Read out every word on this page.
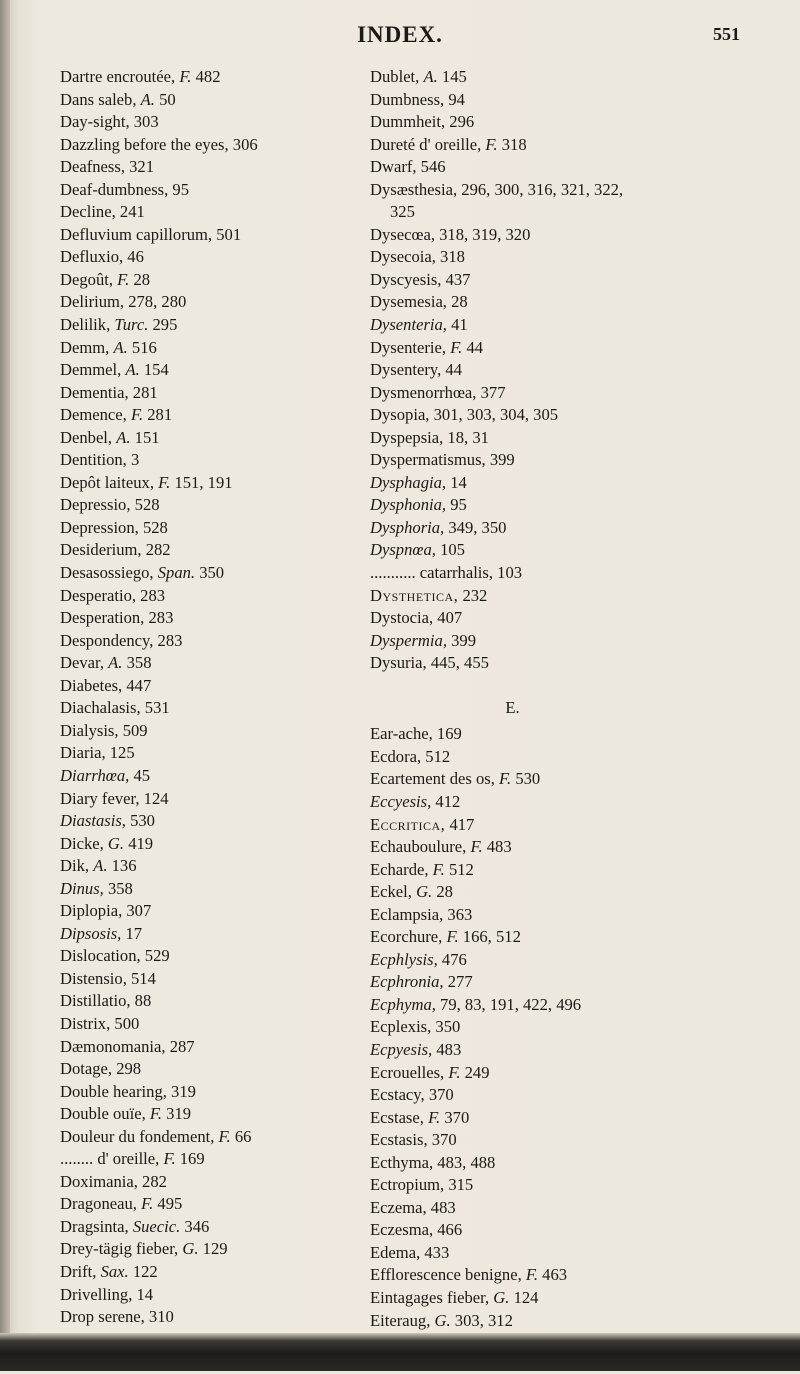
INDEX.	551
Dartre encroutée, F. 482
Dans saleb, A. 50
Day-sight, 303
Dazzling before the eyes, 306
Deafness, 321
Deaf-dumbness, 95
Decline, 241
Defluvium capillorum, 501
Defluxio, 46
Degoût, F. 28
Delirium, 278, 280
Delilik, Turc. 295
Demm, A. 516
Demmel, A. 154
Dementia, 281
Demence, F. 281
Denbel, A. 151
Dentition, 3
Depôt laiteux, F. 151, 191
Depressio, 528
Depression, 528
Desiderium, 282
Desasossiego, Span. 350
Desperatio, 283
Desperation, 283
Despondency, 283
Devar, A. 358
Diabetes, 447
Diachalasis, 531
Dialysis, 509
Diaria, 125
Diarrhœa, 45
Diary fever, 124
Diastasis, 530
Dicke, G. 419
Dik, A. 136
Dinus, 358
Diplopia, 307
Dipsosis, 17
Dislocation, 529
Distensio, 514
Distillatio, 88
Distrix, 500
Dæmonomania, 287
Dotage, 298
Double hearing, 319
Double ouïe, F. 319
Douleur du fondement, F. 66
........ d' oreille, F. 169
Doximania, 282
Dragoneau, F. 495
Dragsinta, Suecic. 346
Drey-tägig fieber, G. 129
Drift, Sax. 122
Drivelling, 14
Drop serene, 310
Dublet, A. 145
Dumbness, 94
Dummheit, 296
Dureté d' oreille, F. 318
Dwarf, 546
Dysæsthesia, 296, 300, 316, 321, 322,
325
Dysecœa, 318, 319, 320
Dysecoia, 318
Dyscyesis, 437
Dysemesia, 28
Dysenteria, 41
Dysenterie, F. 44
Dysentery, 44
Dysmenorrhœa, 377
Dysopia, 301, 303, 304, 305
Dyspepsia, 18, 31
Dyspermatismus, 399
Dysphagia, 14
Dysphonia, 95
Dysphoria, 349, 350
Dyspnœa, 105
........... catarrhalis, 103
Dysthetica, 232
Dystocia, 407
Dyspermia, 399
Dysuria, 445, 455
E.
Ear-ache, 169
Ecdora, 512
Ecartement des os, F. 530
Eccyesis, 412
Eccritica, 417
Echauboulure, F. 483
Echarde, F. 512
Eckel, G. 28
Eclampsia, 363
Ecorchure, F. 166, 512
Ecphlysis, 476
Ecphronia, 277
Ecphyma, 79, 83, 191, 422, 496
Ecplexis, 350
Ecpyesis, 483
Ecrouelles, F. 249
Ecstacy, 370
Ecstase, F. 370
Ecstasis, 370
Ecthyma, 483, 488
Ectropium, 315
Eczema, 483
Eczesma, 466
Edema, 433
Efflorescence benigne, F. 463
Eintagages fieber, G. 124
Eiteraug, G. 303, 312
